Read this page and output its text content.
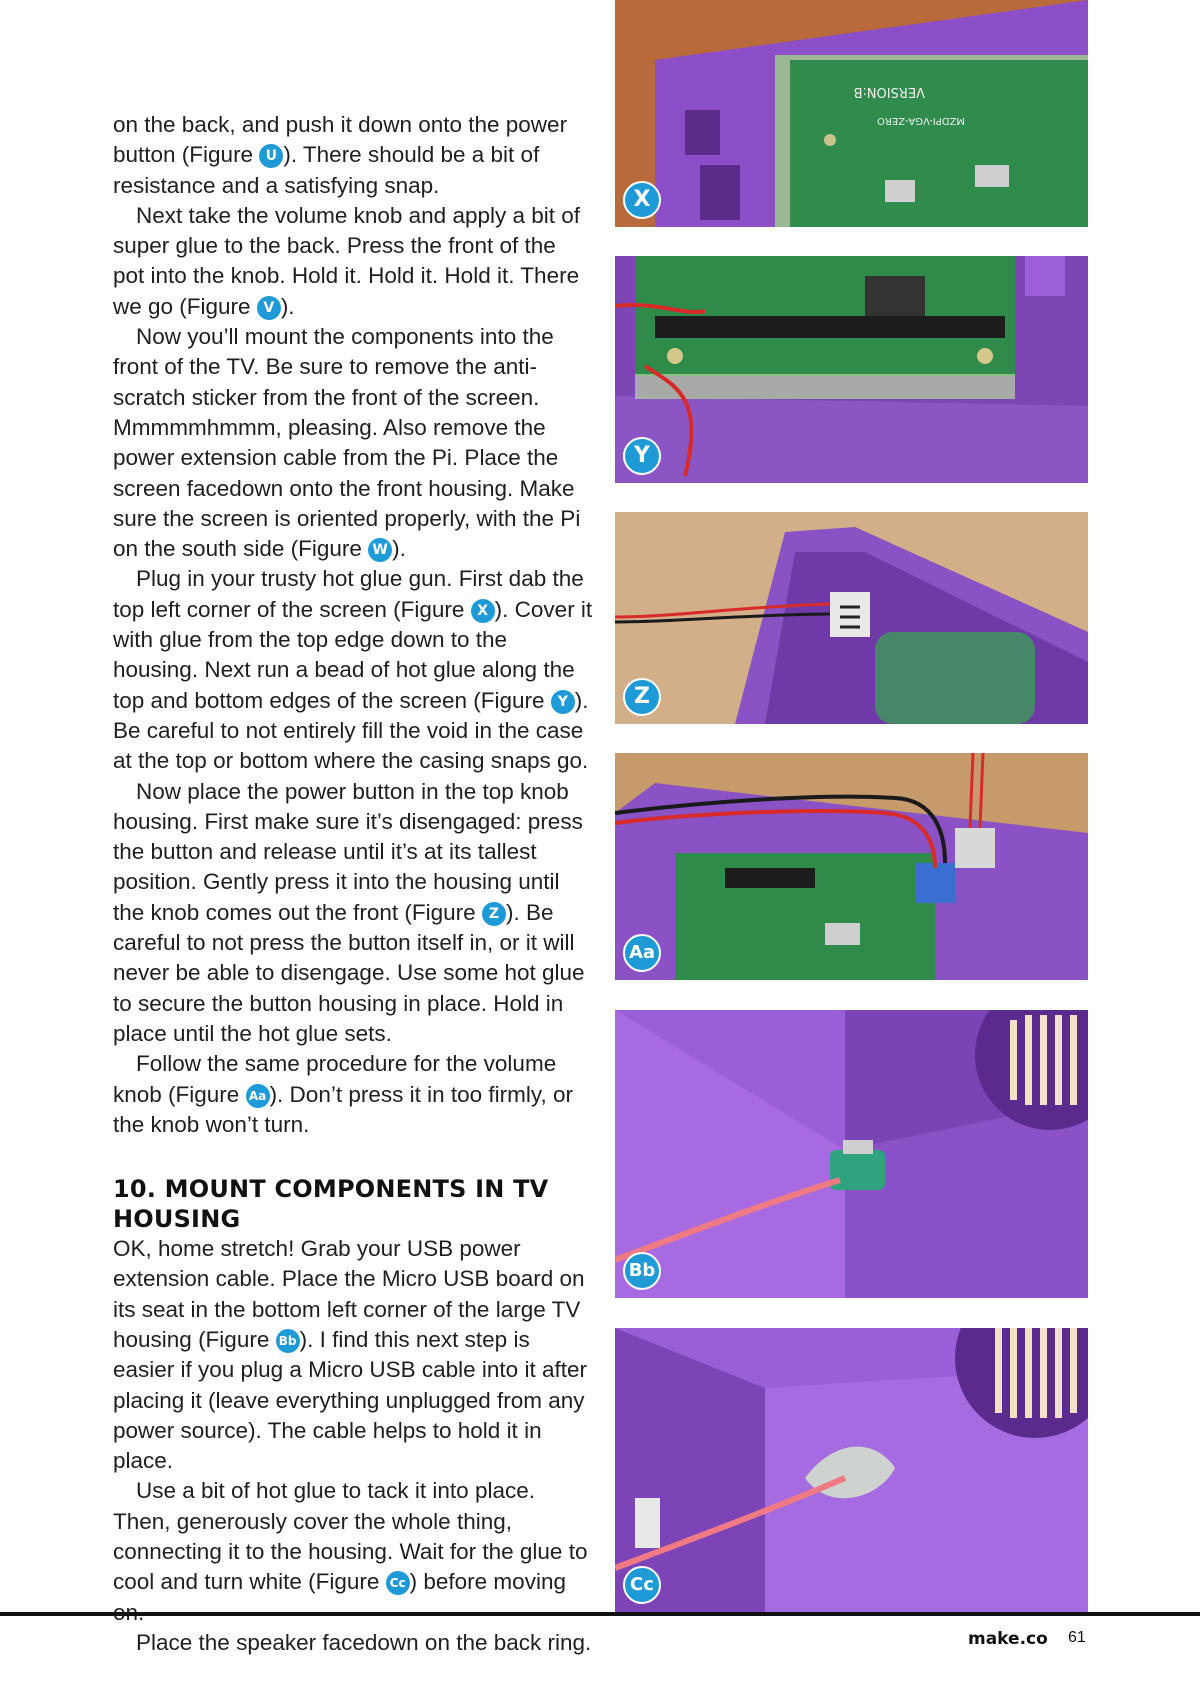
on the back, and push it down onto the power button (Figure U ). There should be a bit of resistance and a satisfying snap.

Next take the volume knob and apply a bit of super glue to the back. Press the front of the pot into the knob. Hold it. Hold it. Hold it. There we go (Figure V ).

Now you’ll mount the components into the front of the TV. Be sure to remove the anti-scratch sticker from the front of the screen. Mmmmmhmmm, pleasing. Also remove the power extension cable from the Pi. Place the screen facedown onto the front housing. Make sure the screen is oriented properly, with the Pi on the south side (Figure W ).

Plug in your trusty hot glue gun. First dab the top left corner of the screen (Figure X ). Cover it with glue from the top edge down to the housing. Next run a bead of hot glue along the top and bottom edges of the screen (Figure Y ). Be careful to not entirely fill the void in the case at the top or bottom where the casing snaps go.

Now place the power button in the top knob housing. First make sure it’s disengaged: press the button and release until it’s at its tallest position. Gently press it into the housing until the knob comes out the front (Figure Z ). Be careful to not press the button itself in, or it will never be able to disengage. Use some hot glue to secure the button housing in place. Hold in place until the hot glue sets.

Follow the same procedure for the volume knob (Figure Aa ). Don’t press it in too firmly, or the knob won’t turn.

10. MOUNT COMPONENTS IN TV HOUSING

OK, home stretch! Grab your USB power extension cable. Place the Micro USB board on its seat in the bottom left corner of the large TV housing (Figure Bb ). I find this next step is easier if you plug a Micro USB cable into it after placing it (leave everything unplugged from any power source). The cable helps to hold it in place.

Use a bit of hot glue to tack it into place. Then, generously cover the whole thing, connecting it to the housing. Wait for the glue to cool and turn white (Figure Cc ) before moving

Place the speaker facedown on the back ring.

VERSION:B
MZDPI-VGA-ZERO
X
Y
Z
Aa
Bb
Cc
make.co 61
